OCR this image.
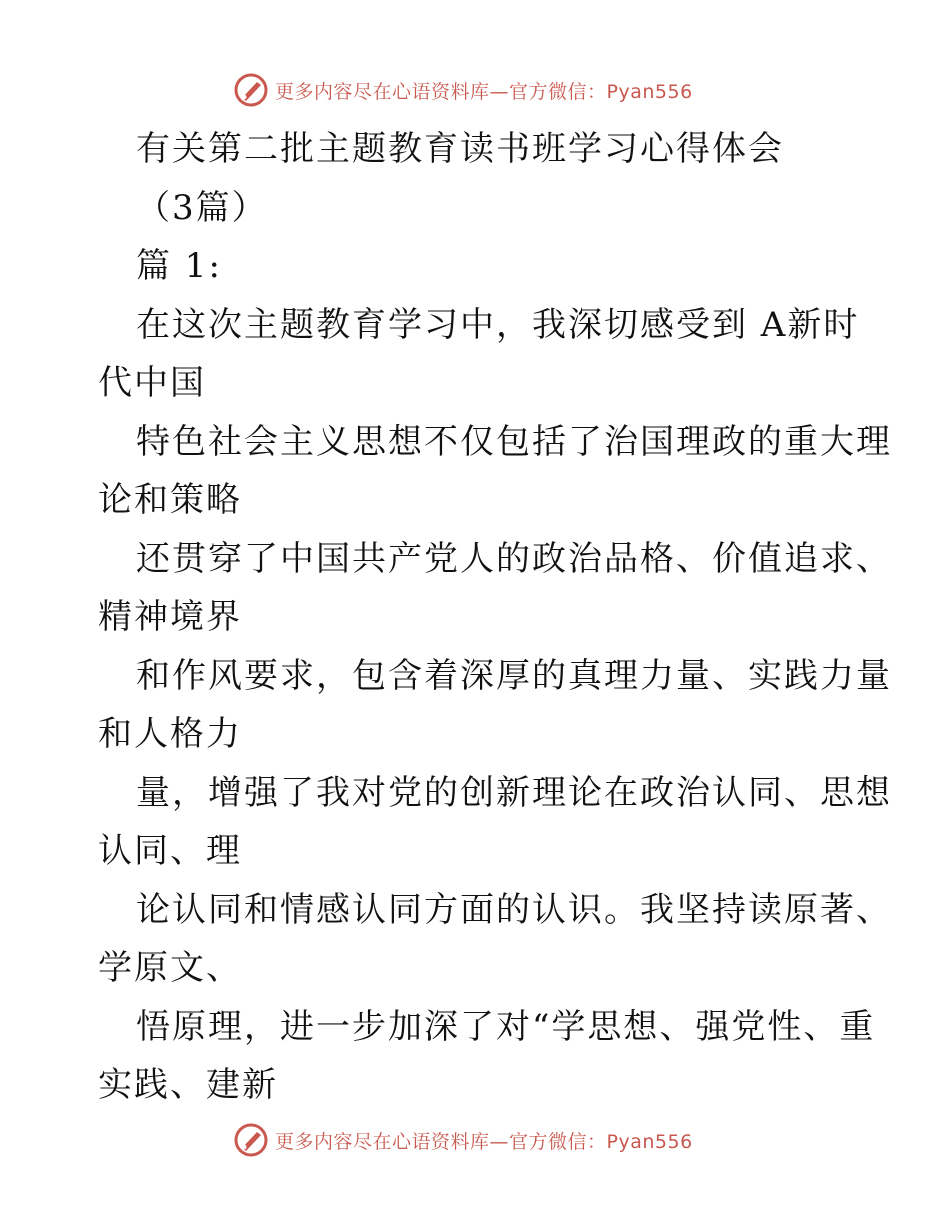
更多内容尽在心语资料库—官方微信：Pyan556
有关第二批主题教育读书班学习心得体会
（3篇）
篇 1:
在这次主题教育学习中，我深切感受到 A新时
代中国
特色社会主义思想不仅包括了治国理政的重大理
论和策略
还贯穿了中国共产党人的政治品格、价值追求、
精神境界
和作风要求，包含着深厚的真理力量、实践力量
和人格力
量，增强了我对党的创新理论在政治认同、思想
认同、理
论认同和情感认同方面的认识。我坚持读原著、
学原文、
悟原理，进一步加深了对“学思想、强党性、重
实践、建新
更多内容尽在心语资料库—官方微信：Pyan556
